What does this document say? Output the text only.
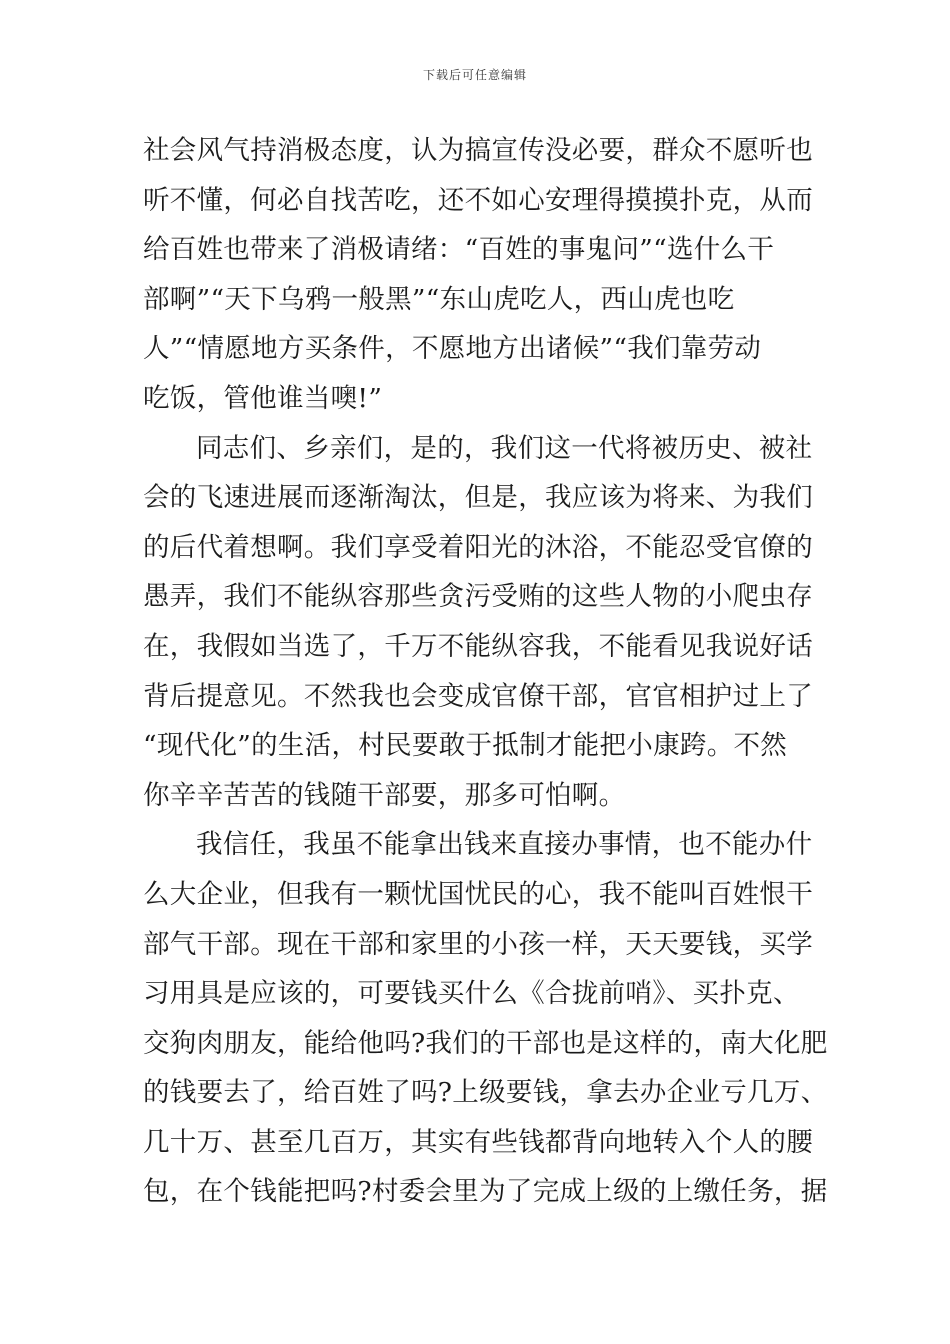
下载后可任意编辑
社会风气持消极态度，认为搞宣传没必要，群众不愿听也
听不懂，何必自找苦吃，还不如心安理得摸摸扑克，从而
给百姓也带来了消极请绪：“百姓的事鬼问”“选什么干
部啊”“天下乌鸦一般黑”“东山虎吃人，西山虎也吃
人”“情愿地方买条件，不愿地方出诸候”“我们靠劳动
吃饭，管他谁当噢!”
同志们、乡亲们，是的，我们这一代将被历史、被社
会的飞速进展而逐渐淘汰，但是，我应该为将来、为我们
的后代着想啊。我们享受着阳光的沐浴，不能忍受官僚的
愚弄，我们不能纵容那些贪污受贿的这些人物的小爬虫存
在，我假如当选了，千万不能纵容我，不能看见我说好话
背后提意见。不然我也会变成官僚干部，官官相护过上了
“现代化”的生活，村民要敢于抵制才能把小康跨。不然
你辛辛苦苦的钱随干部要，那多可怕啊。
我信任，我虽不能拿出钱来直接办事情，也不能办什
么大企业，但我有一颗忧国忧民的心，我不能叫百姓恨干
部气干部。现在干部和家里的小孩一样，天天要钱，买学
习用具是应该的，可要钱买什么《合拢前哨》、买扑克、
交狗肉朋友，能给他吗?我们的干部也是这样的，南大化肥
的钱要去了，给百姓了吗?上级要钱，拿去办企业亏几万、
几十万、甚至几百万，其实有些钱都背向地转入个人的腰
包，在个钱能把吗?村委会里为了完成上级的上缴任务，据
